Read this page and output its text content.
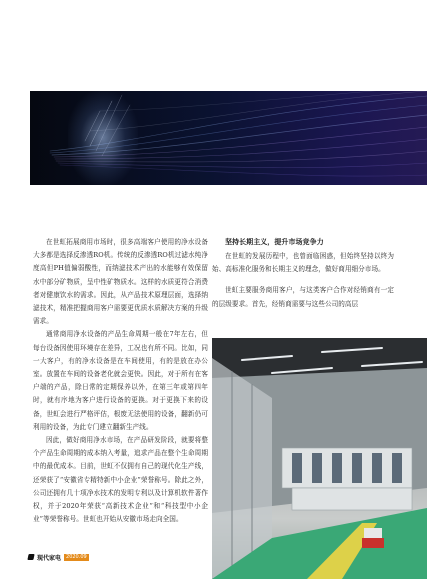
在世虹拓展商用市场时，很多高端客户使用的净水设备大多都是选择反渗透RO机。传统的反渗透RO机过滤水纯净度高但PH值偏弱酸性，而纳滤技术产出的水能够有效保留水中部分矿物质，呈中性矿物质水。这样的水质更符合消费者对健康饮水的需求。因此，从产品技术原理层面，选择纳滤技术，精准把握商用客户需要更优质水质解决方案的升级需求。

通常商用净水设备的产品生命周期一般在7年左右，但每台设备因使用环境存在差异，工况也有所不同。比如，同一大客户，有的净水设备是在车间使用，有的是放在办公室。放置在车间的设备老化就会更快。因此，对于所有在客户端的产品，除日常的定期保养以外，在第三年或第四年时，就有序地为客户进行设备的更换。对于更换下来的设备，世虹会进行严格评估，根废无法使用的设备，翻新仍可利用的设备，为此专门建立翻新生产线。

因此，做好商用净水市场，在产品研发阶段，就要将整个产品生命周期的成本纳入考量，追求产品在整个生命周期中的最优成本。目前，世虹不仅拥有自己的现代化生产线，还荣获了“安徽省专精特新中小企业”荣誉称号。除此之外，公司还拥有几十项净水技术的发明专利以及计算机软件著作权，并于2020年荣获“高新技术企业”和“科技型中小企业”等荣誉称号。世虹也开始从安徽市场走向全国。

坚持长期主义，提升市场竞争力

在世虹的发展历程中，也曾面临困惑，但始终坚持以终为始、高标准化服务和长期主义的理念，做好商用细分市场。

世虹主要服务商用客户，与这类客户合作对经销商有一定的层级要求。首先，经销商需要与这些公司的高层

现代家电	2020.09
